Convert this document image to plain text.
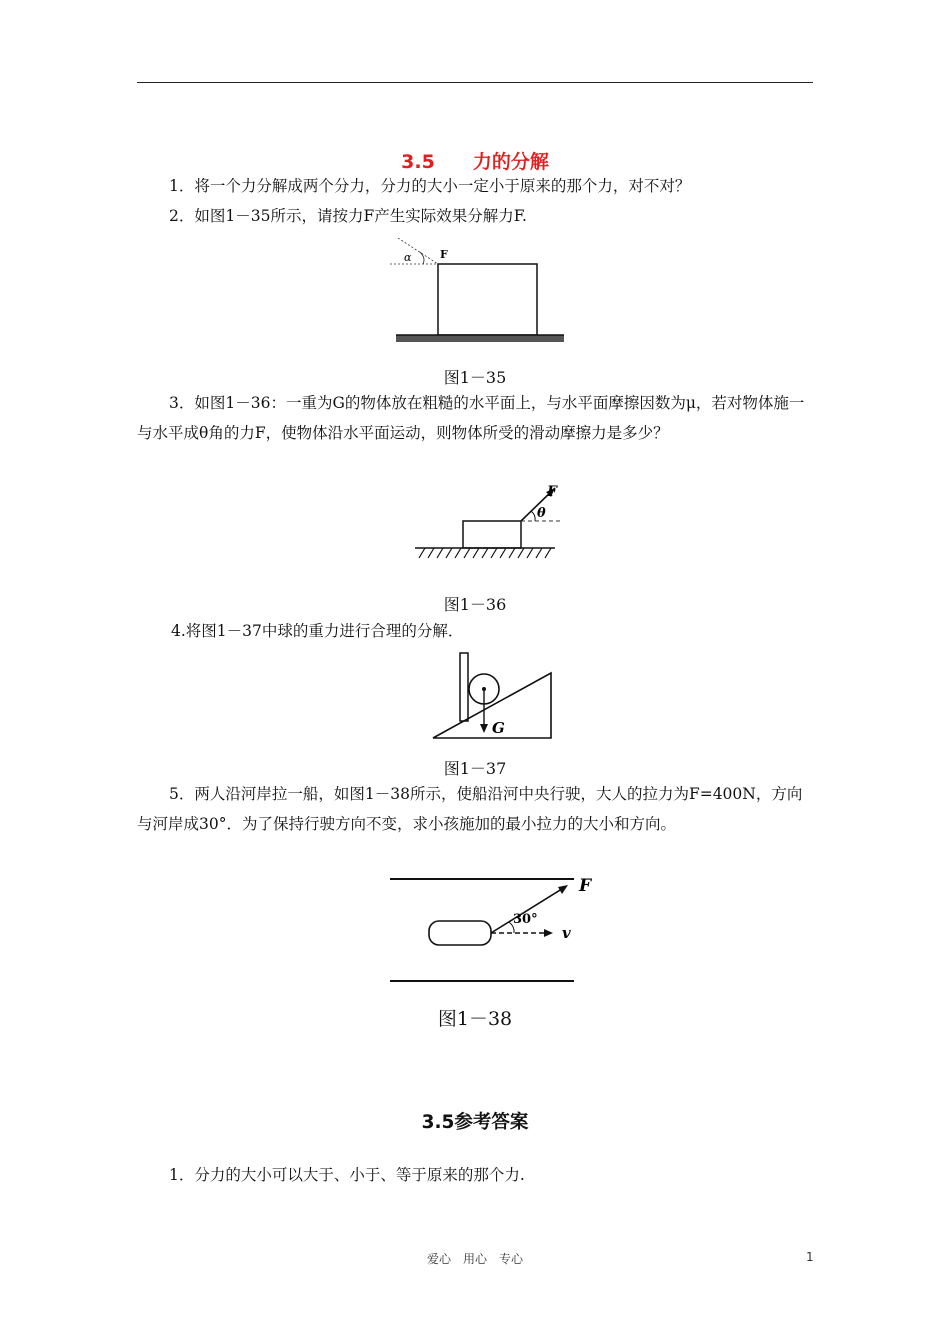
3.5　　力的分解

1．将一个力分解成两个分力，分力的大小一定小于原来的那个力，对不对？

2．如图1－35所示，请按力F产生实际效果分解力F.

α	F
图1－35

3．如图1－36：一重为G的物体放在粗糙的水平面上，与水平面摩擦因数为μ，若对物体施一与水平成θ角的力F，使物体沿水平面运动，则物体所受的滑动摩擦力是多少？

θ
F
图1－36

4.将图1－37中球的重力进行合理的分解．

G
图1－37

5．两人沿河岸拉一船，如图1－38所示，使船沿河中央行驶，大人的拉力为F=400N，方向与河岸成30°．为了保持行驶方向不变，求小孩施加的最小拉力的大小和方向。

30°
F
v
图1－38
3.5参考答案

1．分力的大小可以大于、小于、等于原来的那个力.

爱心　用心　专心	1
